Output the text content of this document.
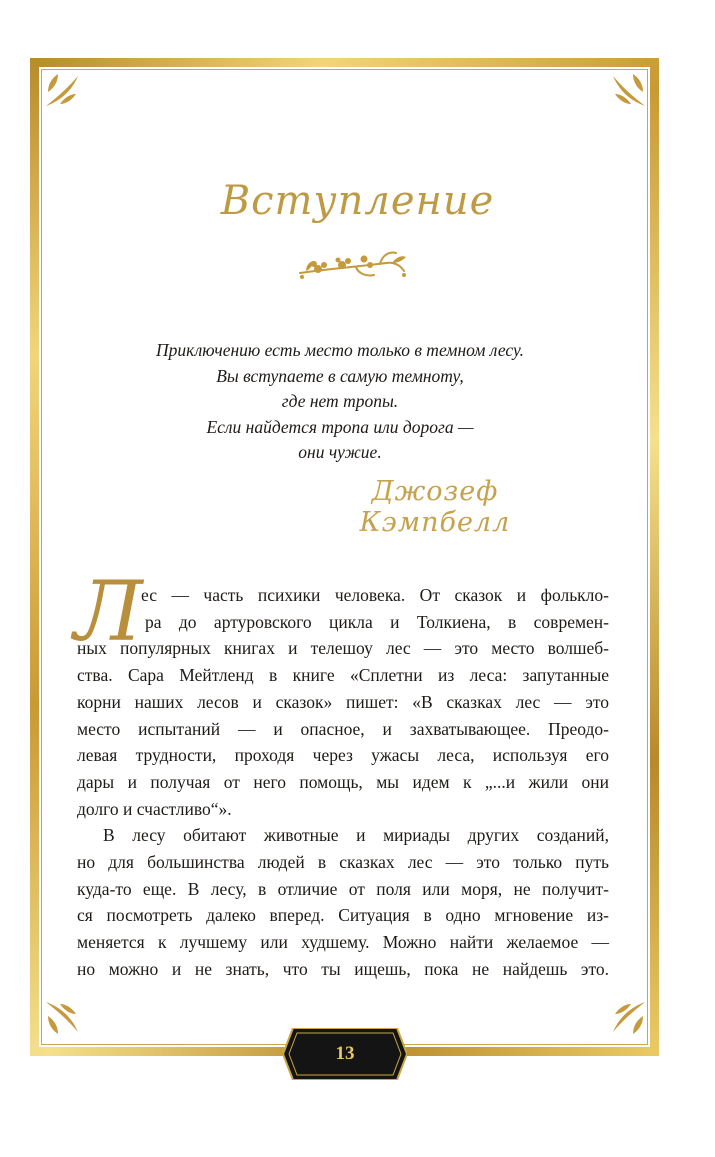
Вступление
Приключению есть место только в темном лесу.
Вы вступаете в самую темноту,
где нет тропы.
Если найдется тропа или дорога —
они чужие.
Джозеф Кэмпбелл
Л
ес — часть психики человека. От сказок и фолькло-
ра до артуровского цикла и Толкиена, в современ-
ных популярных книгах и телешоу лес — это место волшеб-
ства. Сара Мейтленд в книге «Сплетни из леса: запутанные
корни наших лесов и сказок» пишет: «В сказках лес — это
место испытаний — и опасное, и захватывающее. Преодо-
левая трудности, проходя через ужасы леса, используя его
дары и получая от него помощь, мы идем к „...и жили они
долго и счастливо“».
В лесу обитают животные и мириады других созданий,
но для большинства людей в сказках лес — это только путь
куда-то еще. В лесу, в отличие от поля или моря, не получит-
ся посмотреть далеко вперед. Ситуация в одно мгновение из-
меняется к лучшему или худшему. Можно найти желаемое —
но можно и не знать, что ты ищешь, пока не найдешь это.
13
